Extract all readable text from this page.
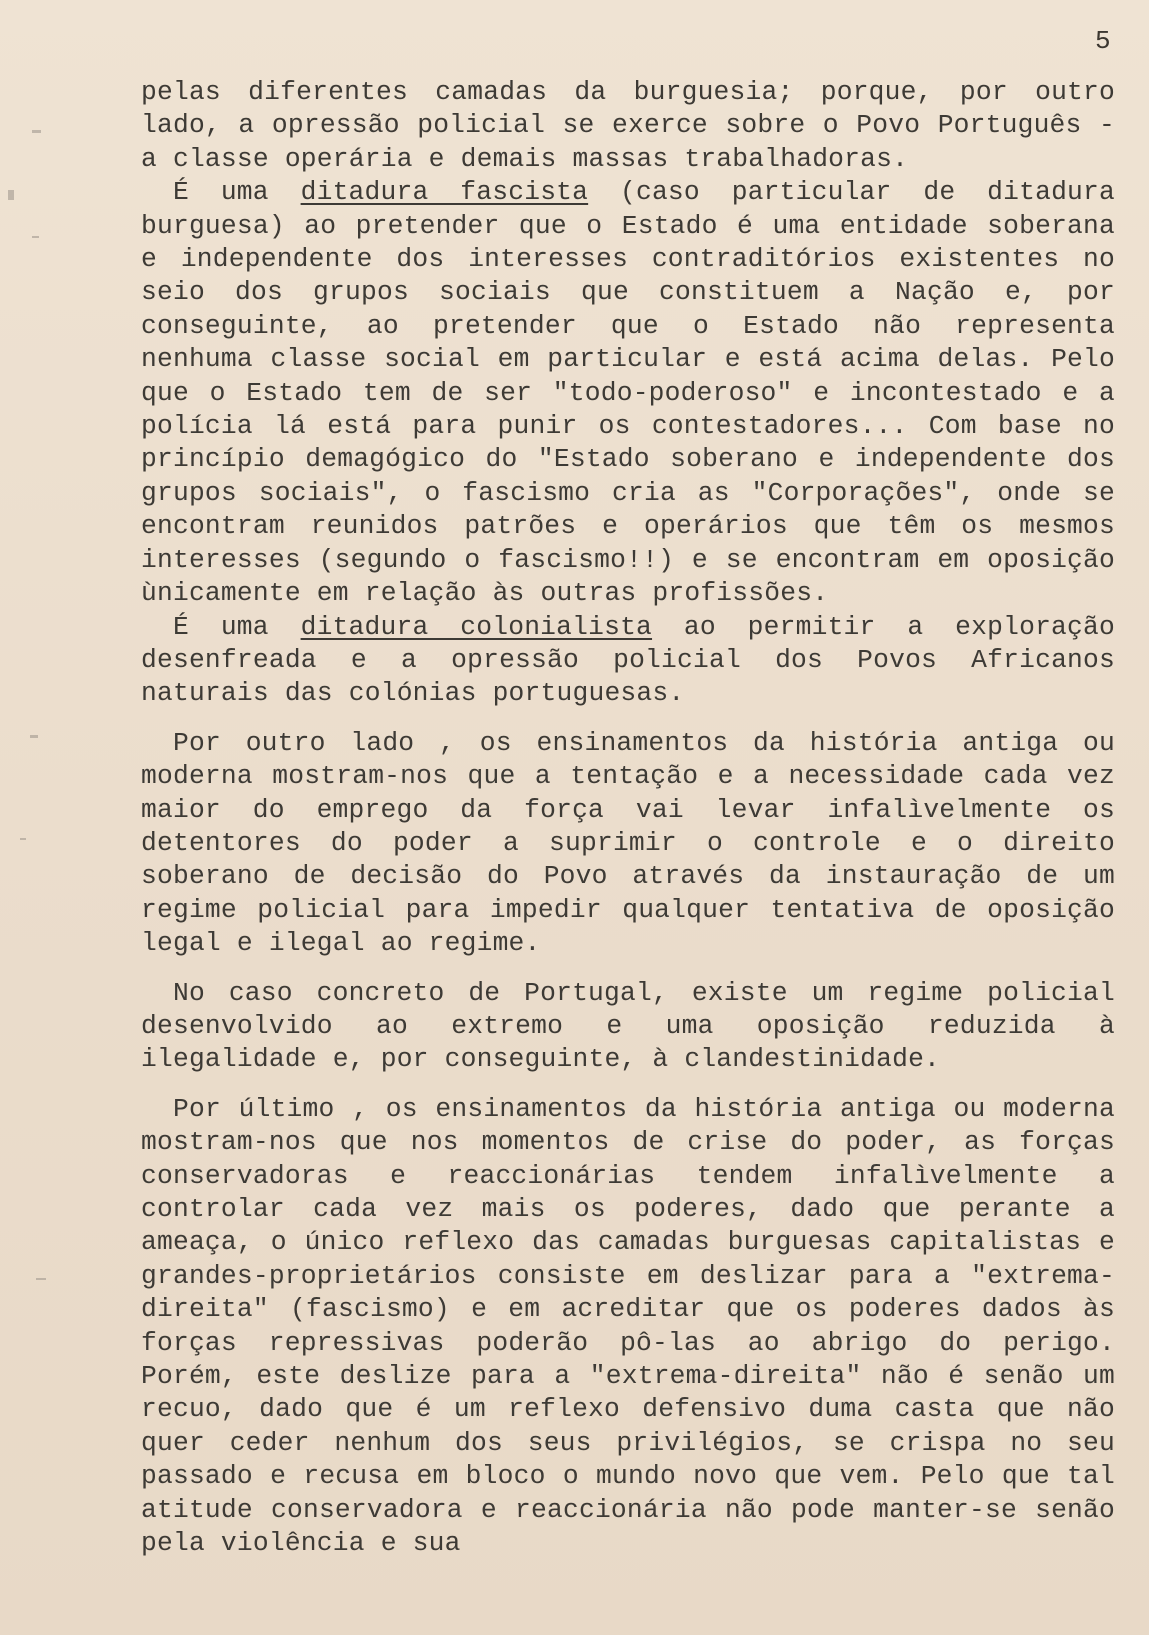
5

pelas diferentes camadas da burguesia; porque, por outro lado, a opressão policial se exerce sobre o Povo Português - a classe operária e demais massas trabalhadoras.

É uma ditadura fascista (caso particular de ditadura burguesa) ao pretender que o Estado é uma entidade soberana e independente dos interesses contraditórios existentes no seio dos grupos sociais que constituem a Nação e, por conseguinte, ao pretender que o Estado não representa nenhuma classe social em particular e está acima delas. Pelo que o Estado tem de ser "todo-poderoso" e incontestado e a polícia lá está para punir os contestadores... Com base no princípio demagógico do "Estado soberano e independente dos grupos sociais", o fascismo cria as "Corporações", onde se encontram reunidos patrões e operários que têm os mesmos interesses (segundo o fascismo!!) e se encontram em oposição ùnicamente em relação às outras profissões.

É uma ditadura colonialista ao permitir a exploração desenfreada e a opressão policial dos Povos Africanos naturais das colónias portuguesas.

Por outro lado , os ensinamentos da história antiga ou moderna mostram-nos que a tentação e a necessidade cada vez maior do emprego da força vai levar infalìvelmente os detentores do poder a suprimir o controle e o direito soberano de decisão do Povo através da instauração de um regime policial para impedir qualquer tentativa de oposição legal e ilegal ao regime.

No caso concreto de Portugal, existe um regime policial desenvolvido ao extremo e uma oposição reduzida à ilegalidade e, por conseguinte, à clandestinidade.

Por último , os ensinamentos da história antiga ou moderna mostram-nos que nos momentos de crise do poder, as forças conservadoras e reaccionárias tendem infalìvelmente a controlar cada vez mais os poderes, dado que perante a ameaça, o único reflexo das camadas burguesas capitalistas e grandes-proprietários consiste em deslizar para a "extrema-direita" (fascismo) e em acreditar que os poderes dados às forças repressivas poderão pô-las ao abrigo do perigo. Porém, este deslize para a "extrema-direita" não é senão um recuo, dado que é um reflexo defensivo duma casta que não quer ceder nenhum dos seus privilégios, se crispa no seu passado e recusa em bloco o mundo novo que vem. Pelo que tal atitude conservadora e reaccionária não pode manter-se senão pela violência e sua
